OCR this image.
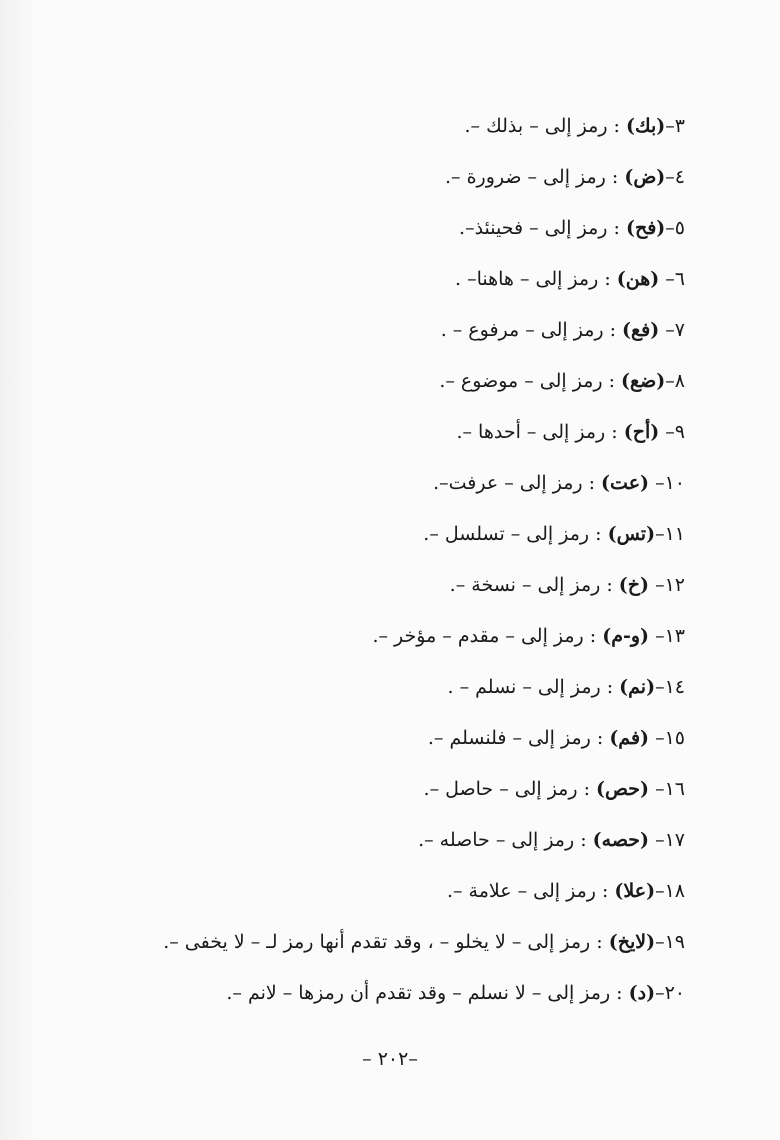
٣–(بك) : رمز إلى – بذلك –.
٤–(ض) : رمز إلى – ضرورة –.
٥–(فح) : رمز إلى – فحينئذ–.
٦– (هن) : رمز إلى – هاهنا– .
٧– (فع) : رمز إلى – مرفوع – .
٨–(ضع) : رمز إلى – موضوع –.
٩– (أح) : رمز إلى – أحدها –.
١٠– (عت) : رمز إلى – عرفت–.
١١–(تس) : رمز إلى – تسلسل –.
١٢– (خ) : رمز إلى – نسخة –.
١٣– (و-م) : رمز إلى – مقدم – مؤخر –.
١٤–(نم) : رمز إلى – نسلم – .
١٥– (فم) : رمز إلى – فلنسلم –.
١٦– (حص) : رمز إلى – حاصل –.
١٧– (حصه) : رمز إلى – حاصله –.
١٨–(علا) : رمز إلى – علامة –.
١٩–(لايخ) : رمز إلى – لا يخلو – ، وقد تقدم أنها رمز لـ – لا يخفى –.
٢٠–(د) : رمز إلى – لا نسلم – وقد تقدم أن رمزها – لانم –.
–٢٠٢ –
